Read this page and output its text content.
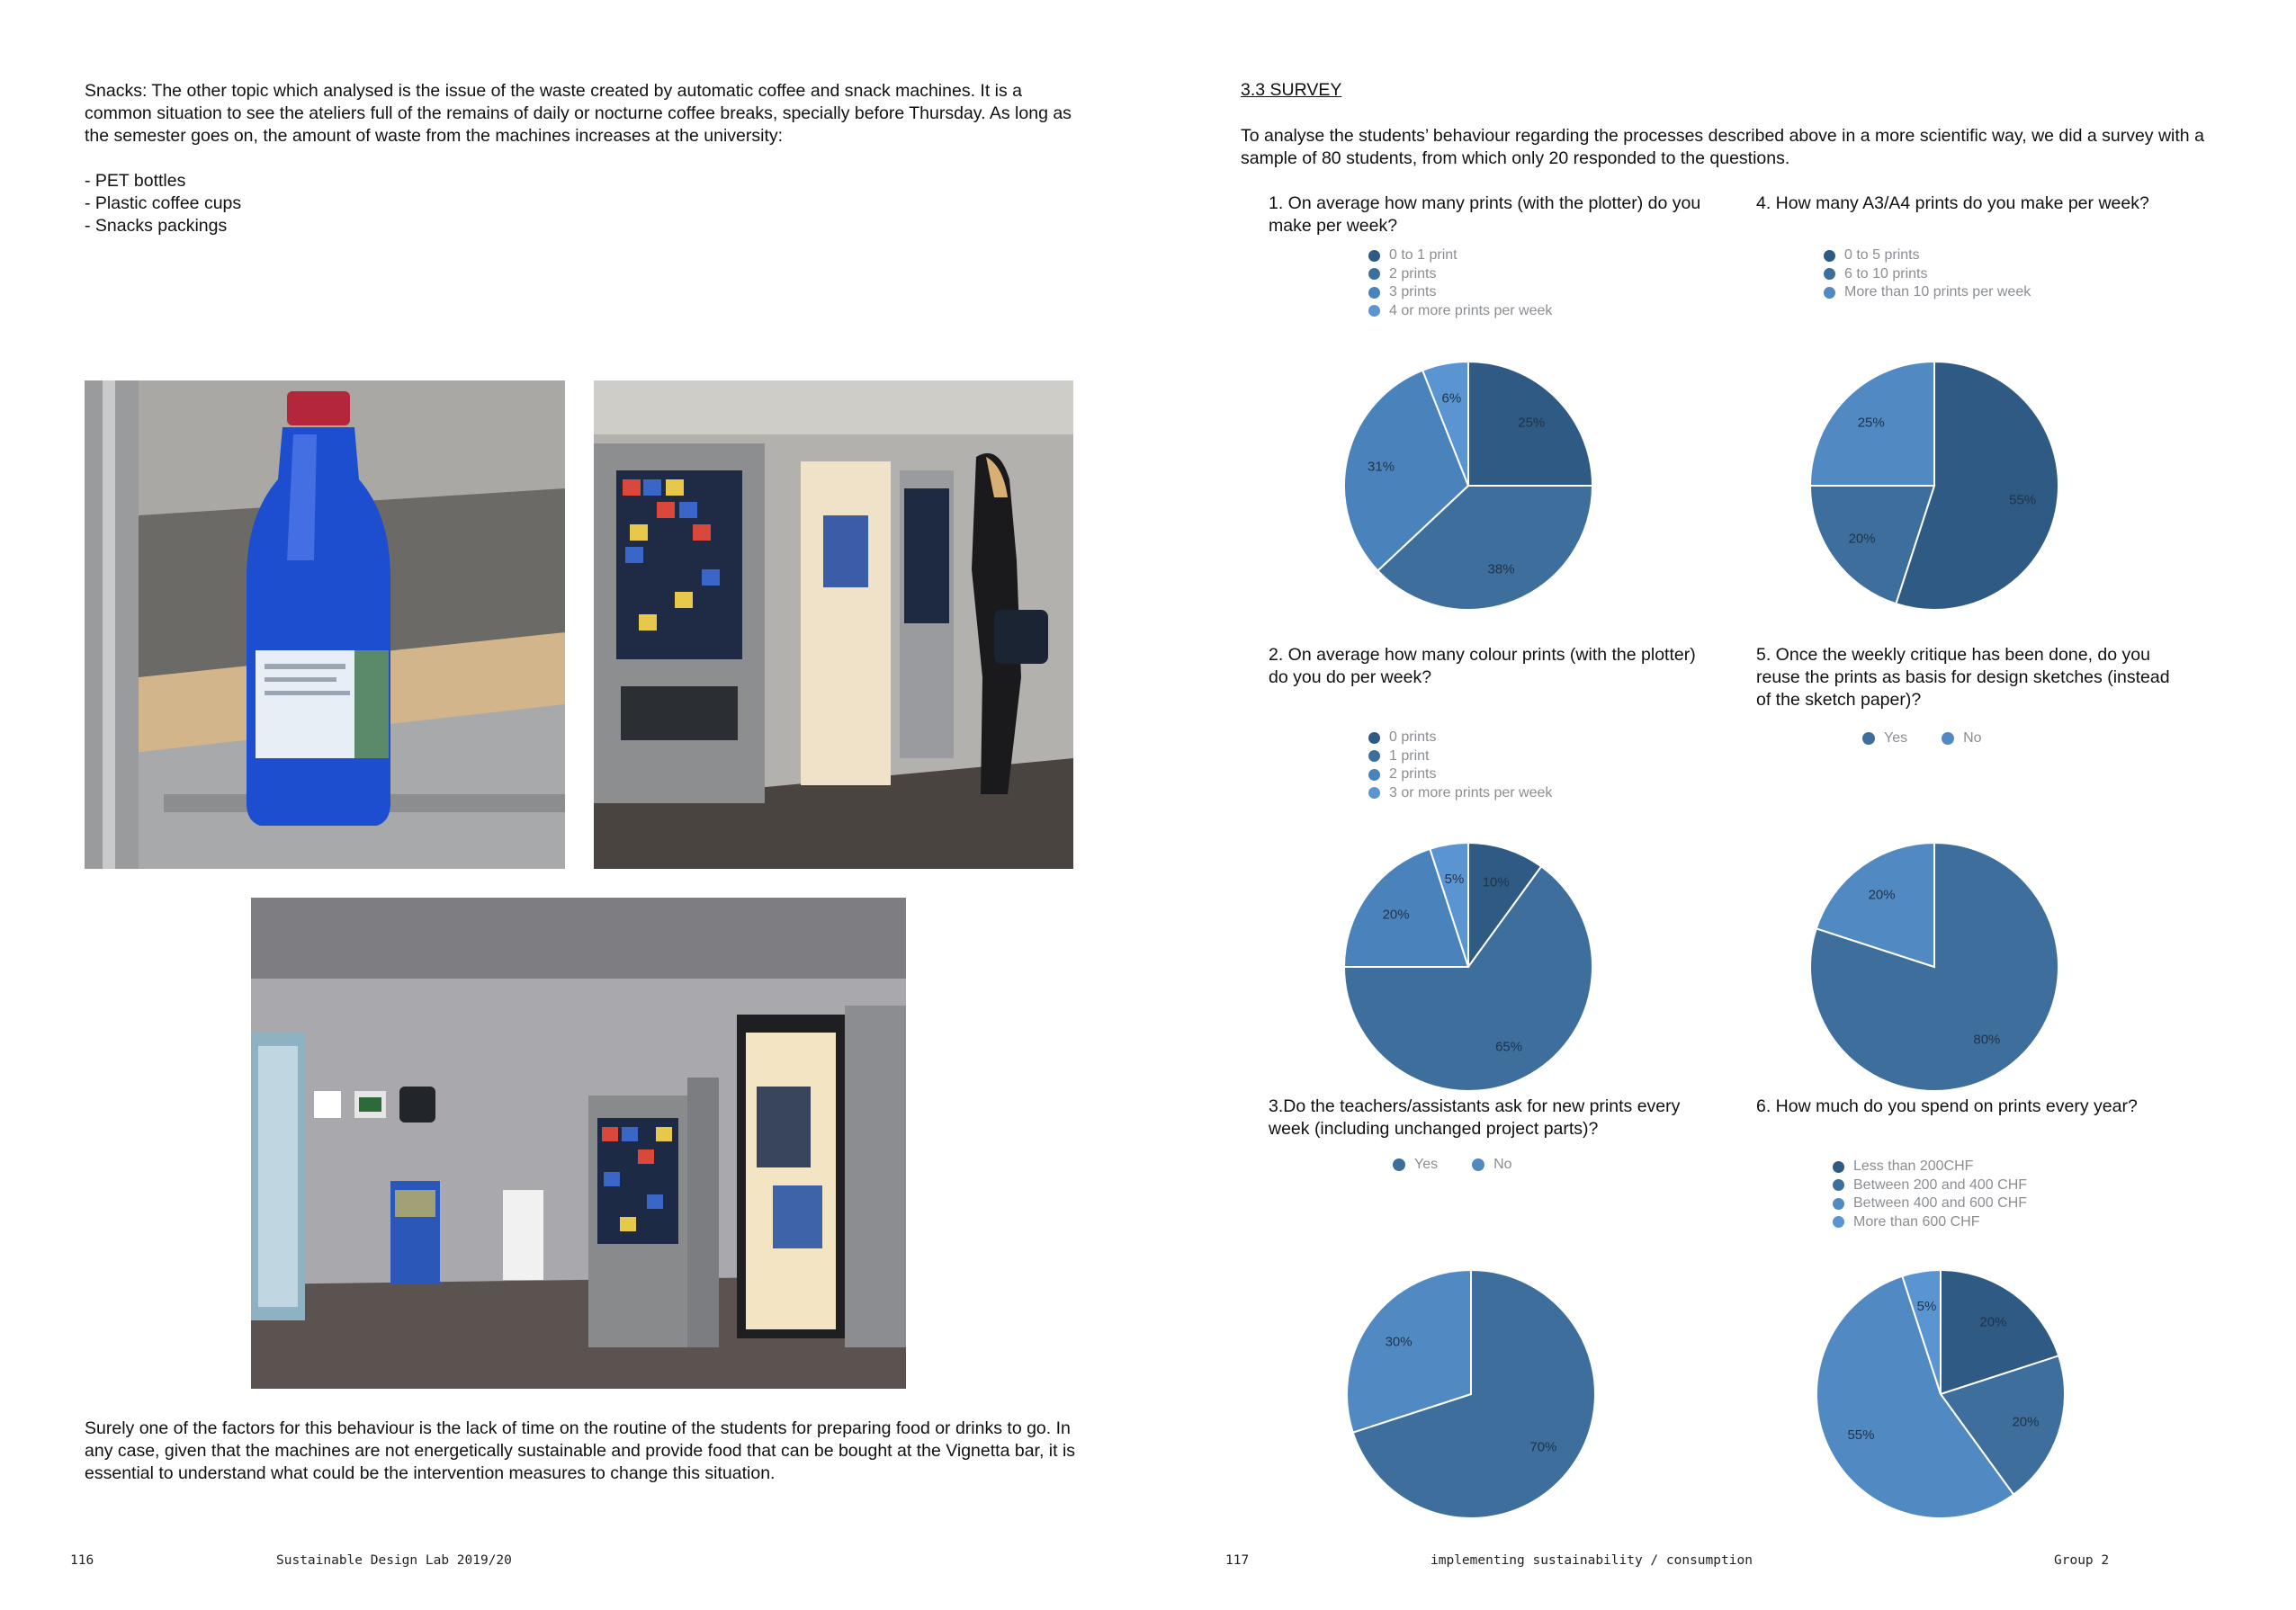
Snacks: The other topic which analysed is the issue of the waste created by automatic coffee and snack machines. It is a common situation to see the ateliers full of the remains of daily or nocturne coffee breaks, specially before Thursday. As long as the semester goes on, the amount of waste from the machines increases at the university:

- PET bottles
- Plastic coffee cups
- Snacks packings

Surely one of the factors for this behaviour is the lack of time on the routine of the students for preparing food or drinks to go. In any case, given that the machines are not energetically sustainable and provide food that can be bought at the Vignetta bar, it is essential to understand what could be the intervention measures to change this situation.

116	Sustainable Design Lab 2019/20
3.3 SURVEY

To analyse the students’ behaviour regarding the processes described above in a more scientific way, we did a survey with a sample of 80 students, from which only 20 responded to the questions.

1. On average how many prints (with the plotter) do you make per week?
0 to 1 print
2 prints
3 prints
4 or more prints per week
25%
38%
31%
6%
4. How many A3/A4 prints do you make per week?
0 to 5 prints
6 to 10 prints
More than 10 prints per week
55%
20%
25%
2. On average how many colour prints (with the plotter) do you do per week?
0 prints
1 print
2 prints
3 or more prints per week
10%
65%
20%
5%
5. Once the weekly critique has been done, do you reuse the prints as basis for design sketches (instead of the sketch paper)?
Yes	No
80%
20%
3.Do the teachers/assistants ask for new prints every week (including unchanged project parts)?
Yes	No
70%
30%
6. How much do you spend on prints every year?
Less than 200CHF
Between 200 and 400 CHF
Between 400 and 600 CHF
More than 600 CHF
20%
20%
55%
5%
117	implementing sustainability / consumption	Group 2
